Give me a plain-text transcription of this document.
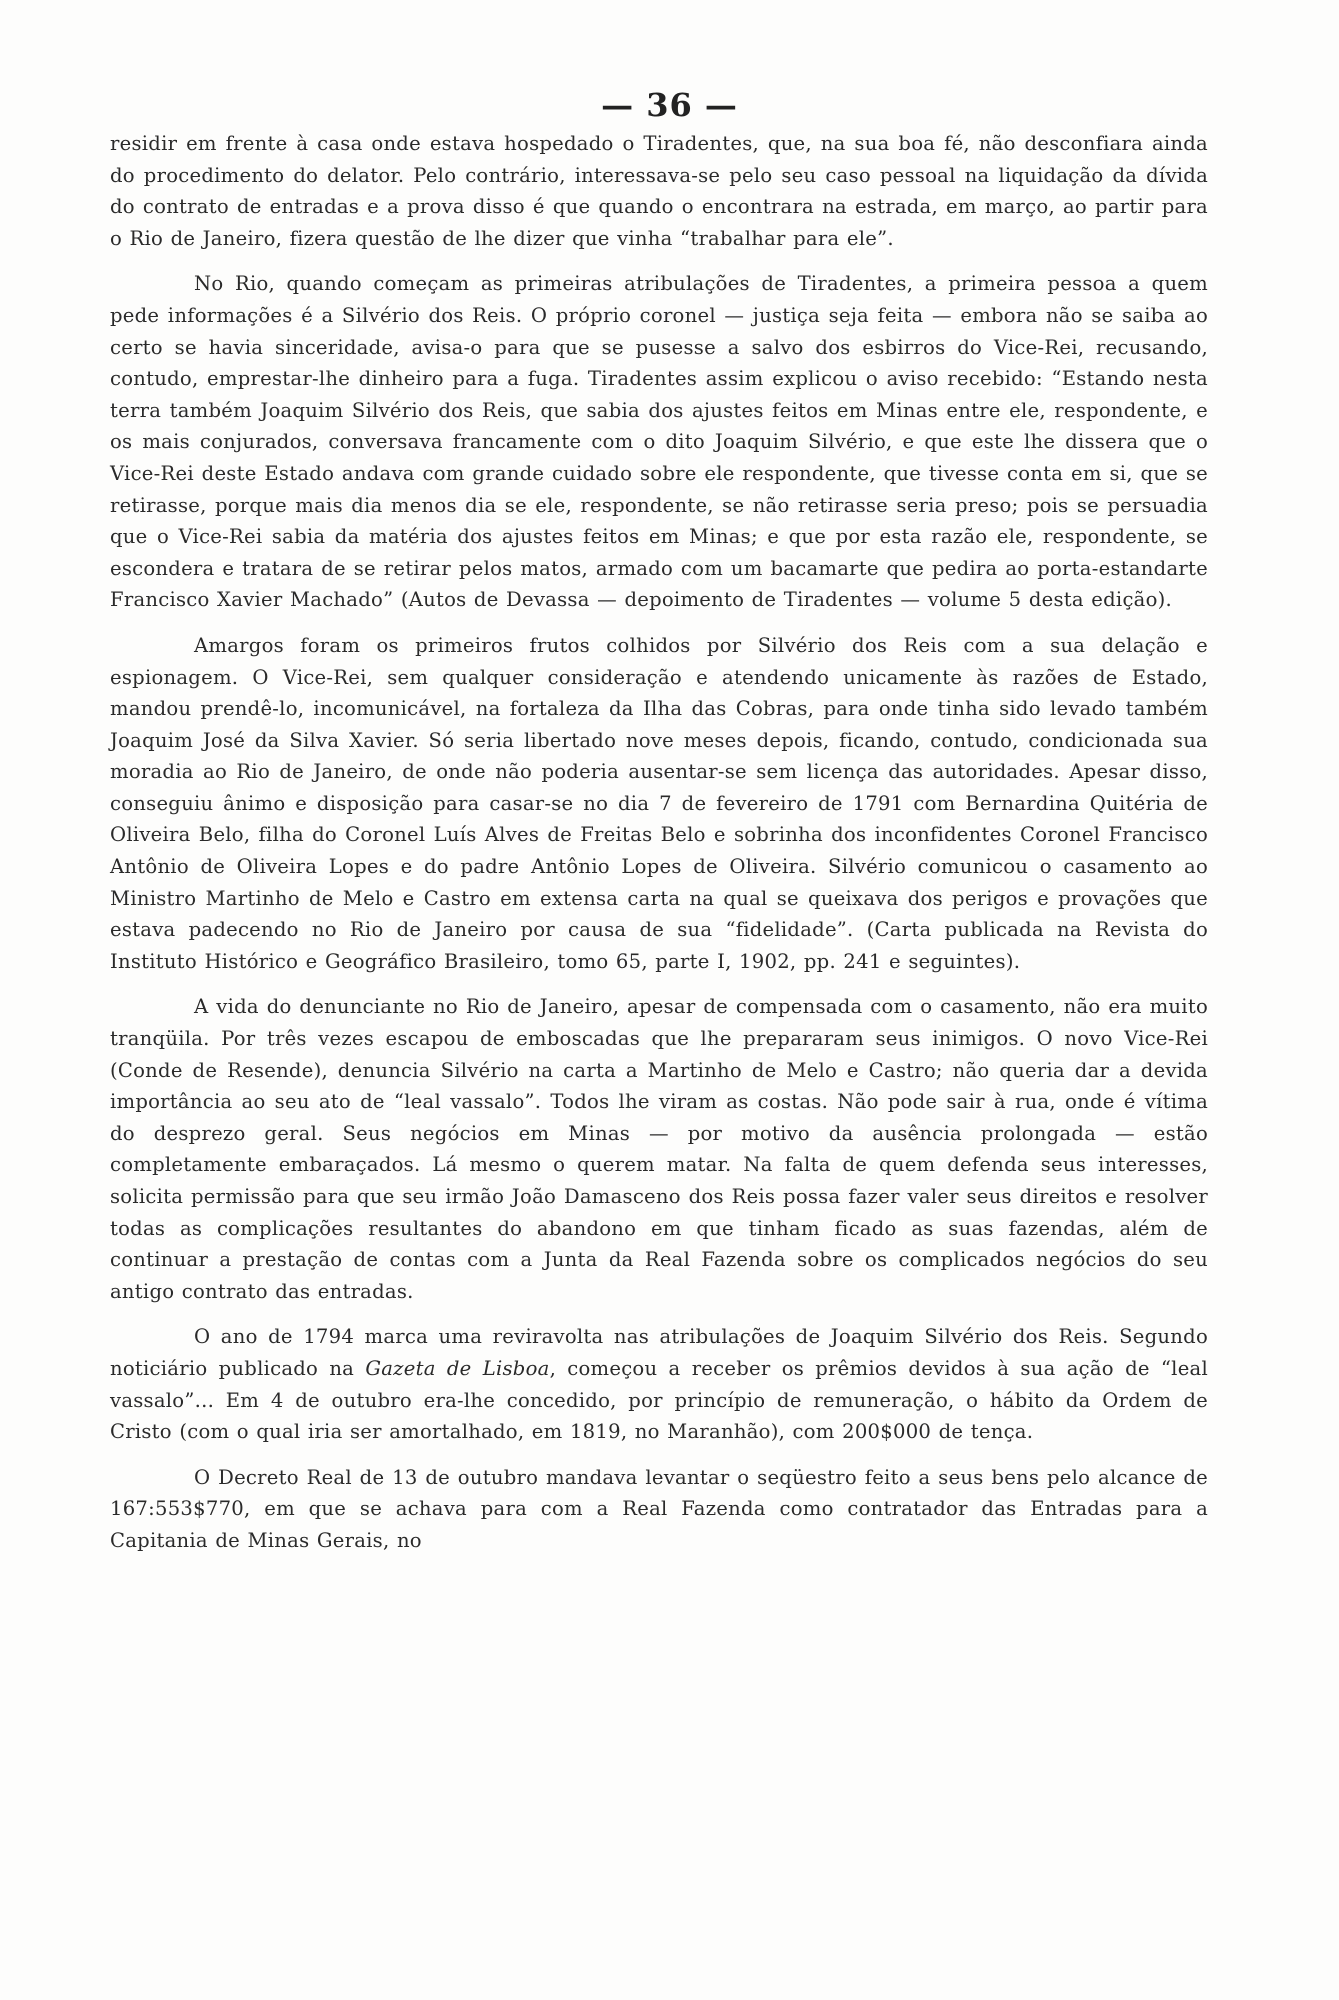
— 36 —

residir em frente à casa onde estava hospedado o Tiradentes, que, na sua boa fé, não desconfiara ainda do procedimento do delator. Pelo contrário, interessava-se pelo seu caso pessoal na liquidação da dívida do contrato de entradas e a prova disso é que quando o encontrara na estrada, em março, ao partir para o Rio de Janeiro, fizera questão de lhe dizer que vinha “trabalhar para ele”.

No Rio, quando começam as primeiras atribulações de Tiradentes, a primeira pessoa a quem pede informações é a Silvério dos Reis. O próprio coronel — justiça seja feita — embora não se saiba ao certo se havia sinceridade, avisa-o para que se pusesse a salvo dos esbirros do Vice-Rei, recusando, contudo, emprestar-lhe dinheiro para a fuga. Tiradentes assim explicou o aviso recebido: “Estando nesta terra também Joaquim Silvério dos Reis, que sabia dos ajustes feitos em Minas entre ele, respondente, e os mais conjurados, conversava francamente com o dito Joaquim Silvério, e que este lhe dissera que o Vice-Rei deste Estado andava com grande cuidado sobre ele respondente, que tivesse conta em si, que se retirasse, porque mais dia menos dia se ele, respondente, se não retirasse seria preso; pois se persuadia que o Vice-Rei sabia da matéria dos ajustes feitos em Minas; e que por esta razão ele, respondente, se escondera e tratara de se retirar pelos matos, armado com um bacamarte que pedira ao porta-estandarte Francisco Xavier Machado” (Autos de Devassa — depoimento de Tiradentes — volume 5 desta edição).

Amargos foram os primeiros frutos colhidos por Silvério dos Reis com a sua delação e espionagem. O Vice-Rei, sem qualquer consideração e atendendo unicamente às razões de Estado, mandou prendê-lo, incomunicável, na fortaleza da Ilha das Cobras, para onde tinha sido levado também Joaquim José da Silva Xavier. Só seria libertado nove meses depois, ficando, contudo, condicionada sua moradia ao Rio de Janeiro, de onde não poderia ausentar-se sem licença das autoridades. Apesar disso, conseguiu ânimo e disposição para casar-se no dia 7 de fevereiro de 1791 com Bernardina Quitéria de Oliveira Belo, filha do Coronel Luís Alves de Freitas Belo e sobrinha dos inconfidentes Coronel Francisco Antônio de Oliveira Lopes e do padre Antônio Lopes de Oliveira. Silvério comunicou o casamento ao Ministro Martinho de Melo e Castro em extensa carta na qual se queixava dos perigos e provações que estava padecendo no Rio de Janeiro por causa de sua “fidelidade”. (Carta publicada na Revista do Instituto Histórico e Geográfico Brasileiro, tomo 65, parte I, 1902, pp. 241 e seguintes).

A vida do denunciante no Rio de Janeiro, apesar de compensada com o casamento, não era muito tranqüila. Por três vezes escapou de emboscadas que lhe prepararam seus inimigos. O novo Vice-Rei (Conde de Resende), denuncia Silvério na carta a Martinho de Melo e Castro; não queria dar a devida importância ao seu ato de “leal vassalo”. Todos lhe viram as costas. Não pode sair à rua, onde é vítima do desprezo geral. Seus negócios em Minas — por motivo da ausência prolongada — estão completamente embaraçados. Lá mesmo o querem matar. Na falta de quem defenda seus interesses, solicita permissão para que seu irmão João Damasceno dos Reis possa fazer valer seus direitos e resolver todas as complicações resultantes do abandono em que tinham ficado as suas fazendas, além de continuar a prestação de contas com a Junta da Real Fazenda sobre os complicados negócios do seu antigo contrato das entradas.

O ano de 1794 marca uma reviravolta nas atribulações de Joaquim Silvério dos Reis. Segundo noticiário publicado na Gazeta de Lisboa, começou a receber os prêmios devidos à sua ação de “leal vassalo”... Em 4 de outubro era-lhe concedido, por princípio de remuneração, o hábito da Ordem de Cristo (com o qual iria ser amortalhado, em 1819, no Maranhão), com 200$000 de tença.

O Decreto Real de 13 de outubro mandava levantar o seqüestro feito a seus bens pelo alcance de 167:553$770, em que se achava para com a Real Fazenda como contratador das Entradas para a Capitania de Minas Gerais, no
